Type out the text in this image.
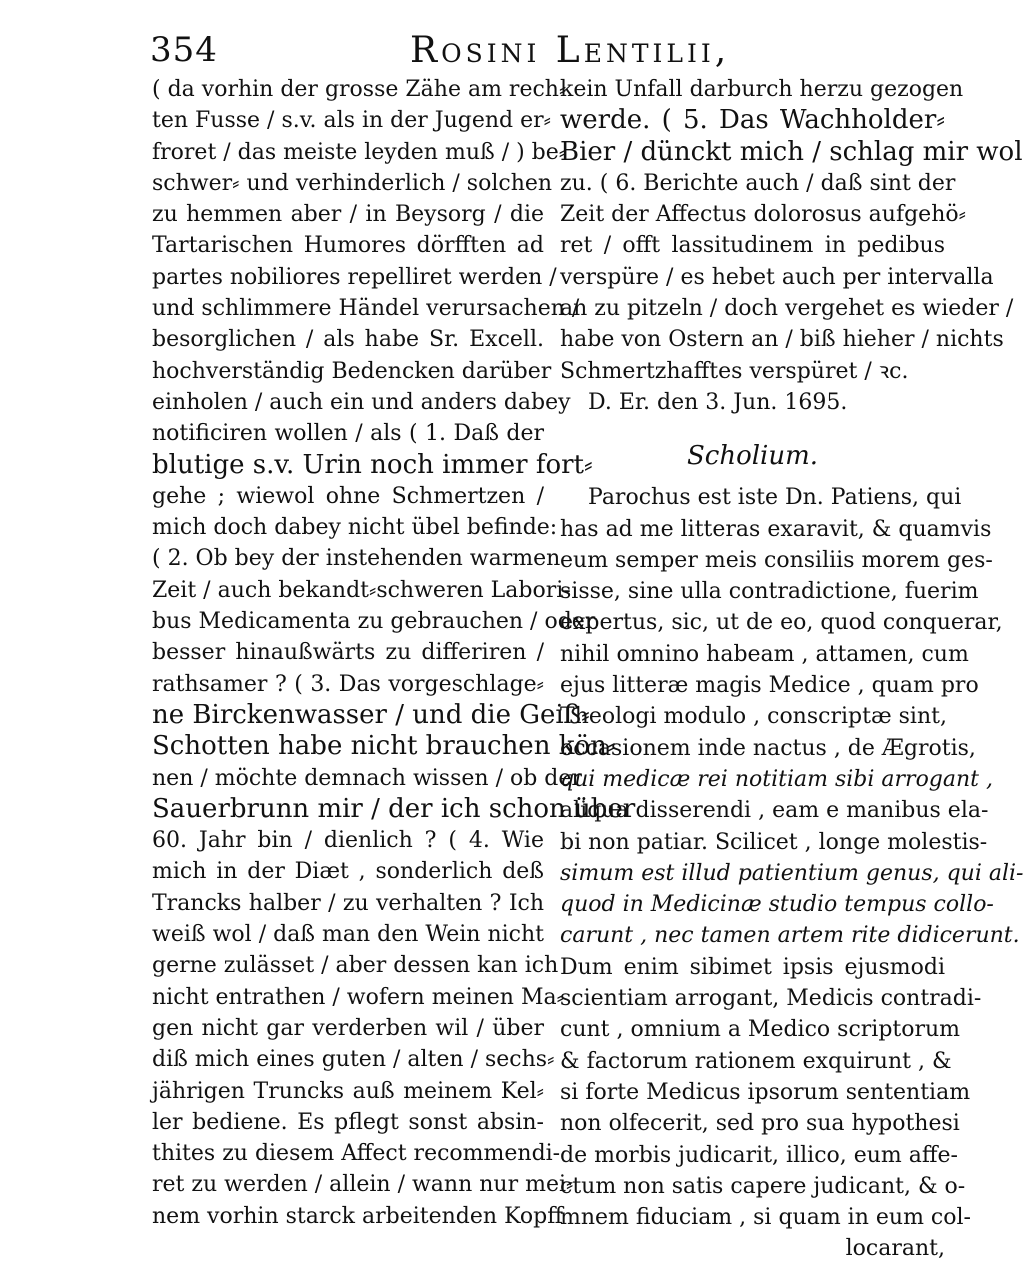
354	Rosini Lentilii,
( da vorhin der grosse Zähe am rech⸗
ten Fusse / s.v. als in der Jugend er⸗
froret / das meiste leyden muß / ) be⸗
schwer⸗ und verhinderlich / solchen
zu hemmen aber / in Beysorg / die
Tartarischen Humores dörfften ad
partes nobiliores repelliret werden /
und schlimmere Händel verursachen /
besorglichen / als habe Sr. Excell.
hochverständig Bedencken darüber
einholen / auch ein und anders dabey
notificiren wollen / als ( 1. Daß der
blutige s.v. Urin noch immer fort⸗
gehe ; wiewol ohne Schmertzen /
mich doch dabey nicht übel befinde:
( 2. Ob bey der instehenden warmen
Zeit / auch bekandt⸗schweren Labori-
bus Medicamenta zu gebrauchen / oder
besser hinaußwärts zu differiren /
rathsamer ? ( 3. Das vorgeschlage⸗
ne Birckenwasser / und die Geiß⸗
Schotten habe nicht brauchen kön⸗
nen / möchte demnach wissen / ob der
Sauerbrunn mir / der ich schon über
60. Jahr bin / dienlich ? ( 4. Wie
mich in der Diæt , sonderlich deß
Trancks halber / zu verhalten ? Ich
weiß wol / daß man den Wein nicht
gerne zulässet / aber dessen kan ich
nicht entrathen / wofern meinen Ma⸗
gen nicht gar verderben wil / über
diß mich eines guten / alten / sechs⸗
jährigen Truncks auß meinem Kel⸗
ler bediene. Es pflegt sonst absin-
thites zu diesem Affect recommendi-
ret zu werden / allein / wann nur mei⸗
nem vorhin starck arbeitenden Kopff
kein Unfall darburch herzu gezogen
werde. ( 5. Das Wachholder⸗
Bier / dünckt mich / schlag mir wol
zu. ( 6. Berichte auch / daß sint der
Zeit der Affectus dolorosus aufgehö⸗
ret / offt lassitudinem in pedibus
verspüre / es hebet auch per intervalla
an zu pitzeln / doch vergehet es wieder /
habe von Ostern an / biß hieher / nichts
Schmertzhafftes verspüret / ꝛc.
D. Er. den 3. Jun. 1695.
Scholium.
Parochus est iste Dn. Patiens, qui
has ad me litteras exaravit, & quamvis
eum semper meis consiliis morem ges-
sisse, sine ulla contradictione, fuerim
expertus, sic, ut de eo, quod conquerar,
nihil omnino habeam , attamen, cum
ejus litteræ magis Medice , quam pro
Theologi modulo , conscriptæ sint,
occasionem inde nactus , de Ægrotis,
qui medicæ rei notitiam sibi arrogant ,
aliqua disserendi , eam e manibus ela-
bi non patiar. Scilicet , longe molestis-
simum est illud patientium genus, qui ali-
quod in Medicinæ studio tempus collo-
carunt , nec tamen artem rite didicerunt.
Dum enim sibimet ipsis ejusmodi
scientiam arrogant, Medicis contradi-
cunt , omnium a Medico scriptorum
& factorum rationem exquirunt , &
si forte Medicus ipsorum sententiam
non olfecerit, sed pro sua hypothesi
de morbis judicarit, illico, eum affe-
ctum non satis capere judicant, & o-
mnem fiduciam , si quam in eum col-
locarant,
